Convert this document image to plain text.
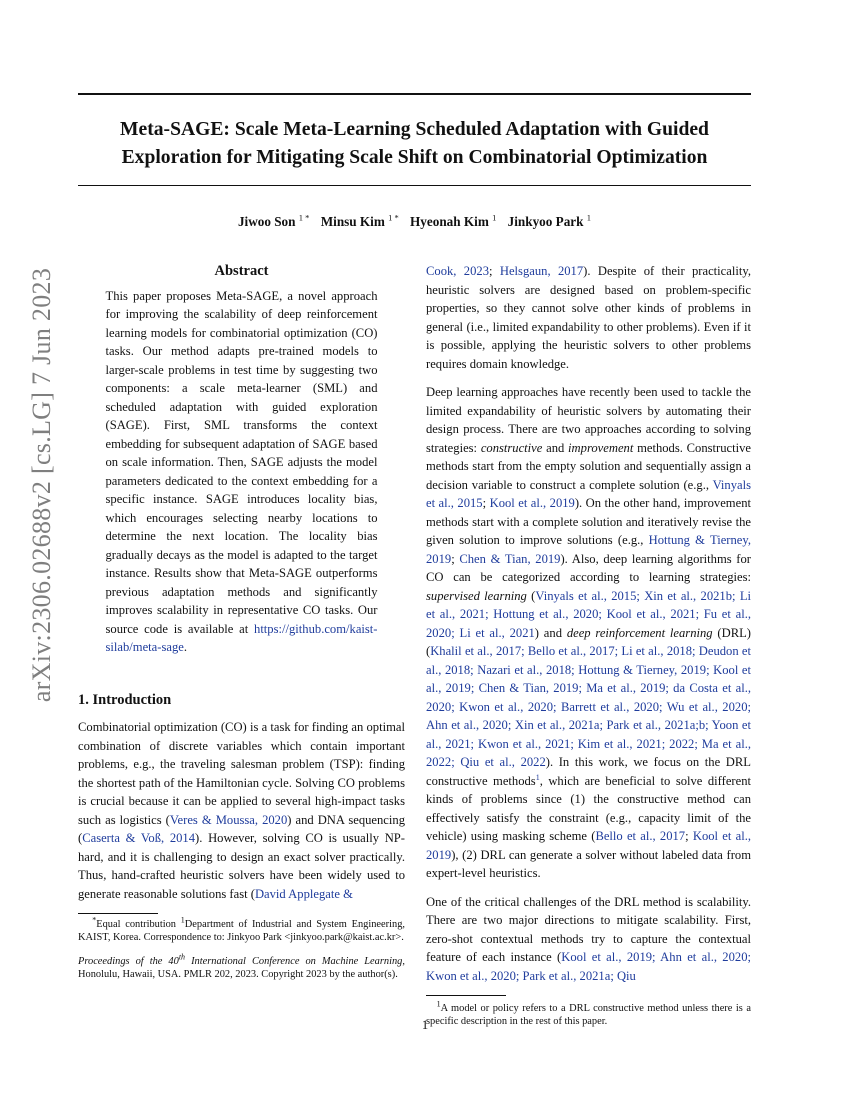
Meta-SAGE: Scale Meta-Learning Scheduled Adaptation with Guided
Exploration for Mitigating Scale Shift on Combinatorial Optimization
Jiwoo Son $^{1 *}$ Minsu Kim $^{1 *}$ Hyeonah Kim $^1$ Jinkyoo Park $^1$
arXiv:2306.02688v2 [cs.LG] 7 Jun 2023	Abstract

This paper proposes Meta-SAGE, a novel approach for improving the scalability of deep reinforcement learning models for combinatorial optimization (CO) tasks. Our method adapts pre-trained models to larger-scale problems in test time by suggesting two components: a scale meta-learner (SML) and scheduled adaptation with guided exploration (SAGE). First, SML transforms the context embedding for subsequent adaptation of SAGE based on scale information. Then, SAGE adjusts the model parameters dedicated to the context embedding for a specific instance. SAGE introduces locality bias, which encourages selecting nearby locations to determine the next location. The locality bias gradually decays as the model is adapted to the target instance. Results show that Meta-SAGE outperforms previous adaptation methods and significantly improves scalability in representative CO tasks. Our source code is available at https://github.com/kaist-silab/meta-sage.

1. Introduction

Combinatorial optimization (CO) is a task for finding an optimal combination of discrete variables which contain important problems, e.g., the traveling salesman problem (TSP): finding the shortest path of the Hamiltonian cycle. Solving CO problems is crucial because it can be applied to several high-impact tasks such as logistics (Veres & Moussa, 2020) and DNA sequencing (Caserta & Voß, 2014). However, solving CO is usually NP-hard, and it is challenging to design an exact solver practically. Thus, hand-crafted heuristic solvers have been widely used to generate reasonable solutions fast (David Applegate &

*Equal contribution $^1$Department of Industrial and System Engineering, KAIST, Korea. Correspondence to: Jinkyoo Park <jinkyoo.park@kaist.ac.kr>.

Proceedings of the 40th International Conference on Machine Learning, Honolulu, Hawaii, USA. PMLR 202, 2023. Copyright 2023 by the author(s).

Cook, 2023; Helsgaun, 2017). Despite of their practicality, heuristic solvers are designed based on problem-specific properties, so they cannot solve other kinds of problems in general (i.e., limited expandability to other problems). Even if it is possible, applying the heuristic solvers to other problems requires domain knowledge.

Deep learning approaches have recently been used to tackle the limited expandability of heuristic solvers by automating their design process. There are two approaches according to solving strategies: constructive and improvement methods. Constructive methods start from the empty solution and sequentially assign a decision variable to construct a complete solution (e.g., Vinyals et al., 2015; Kool et al., 2019). On the other hand, improvement methods start with a complete solution and iteratively revise the given solution to improve solutions (e.g., Hottung & Tierney, 2019; Chen & Tian, 2019). Also, deep learning algorithms for CO can be categorized according to learning strategies: supervised learning (Vinyals et al., 2015; Xin et al., 2021b; Li et al., 2021; Hottung et al., 2020; Kool et al., 2021; Fu et al., 2020; Li et al., 2021) and deep reinforcement learning (DRL) (Khalil et al., 2017; Bello et al., 2017; Li et al., 2018; Deudon et al., 2018; Nazari et al., 2018; Hottung & Tierney, 2019; Kool et al., 2019; Chen & Tian, 2019; Ma et al., 2019; da Costa et al., 2020; Kwon et al., 2020; Barrett et al., 2020; Wu et al., 2020; Ahn et al., 2020; Xin et al., 2021a; Park et al., 2021a;b; Yoon et al., 2021; Kwon et al., 2021; Kim et al., 2021; 2022; Ma et al., 2022; Qiu et al., 2022). In this work, we focus on the DRL constructive methods$^1$, which are beneficial to solve different kinds of problems since (1) the constructive method can effectively satisfy the constraint (e.g., capacity limit of the vehicle) using masking scheme (Bello et al., 2017; Kool et al., 2019), (2) DRL can generate a solver without labeled data from expert-level heuristics.

One of the critical challenges of the DRL method is scalability. There are two major directions to mitigate scalability. First, zero-shot contextual methods try to capture the contextual feature of each instance (Kool et al., 2019; Ahn et al., 2020; Kwon et al., 2020; Park et al., 2021a; Qiu

$^1$A model or policy refers to a DRL constructive method unless there is a specific description in the rest of this paper.

1
